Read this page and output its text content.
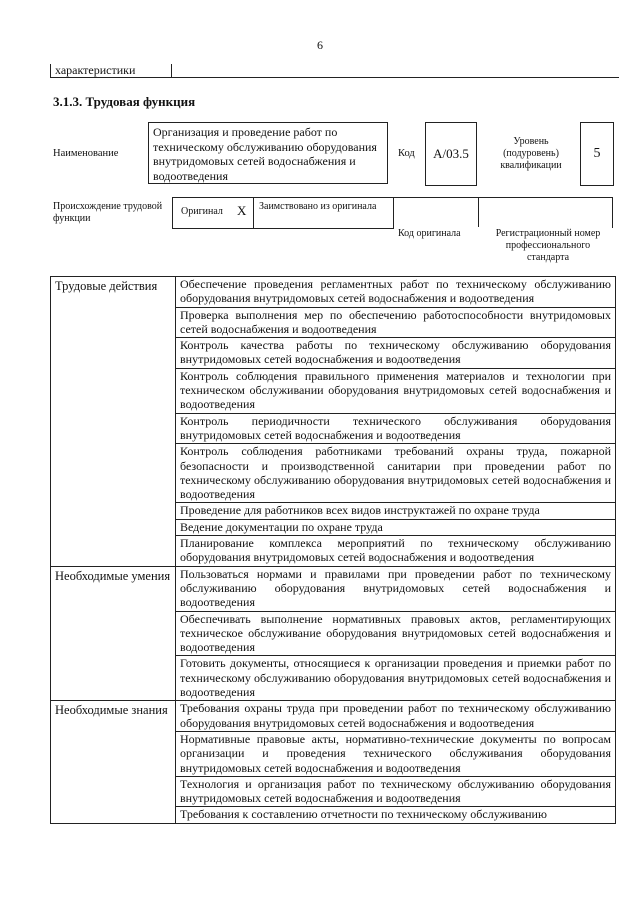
6
характеристики
3.1.3. Трудовая функция
Наименование
Организация и проведение работ по техническому обслуживанию оборудования внутридомовых сетей водоснабжения и водоотведения
Код	A/03.5
Уровень (подуровень) квалификации
5
Происхождение трудовой функции
Оригинал X Заимствовано из оригинала
Код оригинала	Регистрационный номер профессионального стандарта
Трудовые действия	Обеспечение проведения регламентных работ по техническому обслуживанию оборудования внутридомовых сетей водоснабжения и водоотведения
	Проверка выполнения мер по обеспечению работоспособности внутридомовых сетей водоснабжения и водоотведения
	Контроль качества работы по техническому обслуживанию оборудования внутридомовых сетей водоснабжения и водоотведения
	Контроль соблюдения правильного применения материалов и технологии при техническом обслуживании оборудования внутридомовых сетей водоснабжения и водоотведения
	Контроль периодичности технического обслуживания оборудования внутридомовых сетей водоснабжения и водоотведения
	Контроль соблюдения работниками требований охраны труда, пожарной безопасности и производственной санитарии при проведении работ по техническому обслуживанию оборудования внутридомовых сетей водоснабжения и водоотведения
	Проведение для работников всех видов инструктажей по охране труда
	Ведение документации по охране труда
	Планирование комплекса мероприятий по техническому обслуживанию оборудования внутридомовых сетей водоснабжения и водоотведения
Необходимые умения	Пользоваться нормами и правилами при проведении работ по техническому обслуживанию оборудования внутридомовых сетей водоснабжения и водоотведения
	Обеспечивать выполнение нормативных правовых актов, регламентирующих техническое обслуживание оборудования внутридомовых сетей водоснабжения и водоотведения
	Готовить документы, относящиеся к организации проведения и приемки работ по техническому обслуживанию оборудования внутридомовых сетей водоснабжения и водоотведения
Необходимые знания	Требования охраны труда при проведении работ по техническому обслуживанию оборудования внутридомовых сетей водоснабжения и водоотведения
	Нормативные правовые акты, нормативно-технические документы по вопросам организации и проведения технического обслуживания оборудования внутридомовых сетей водоснабжения и водоотведения
	Технология и организация работ по техническому обслуживанию оборудования внутридомовых сетей водоснабжения и водоотведения
	Требования к составлению отчетности по техническому обслуживанию
